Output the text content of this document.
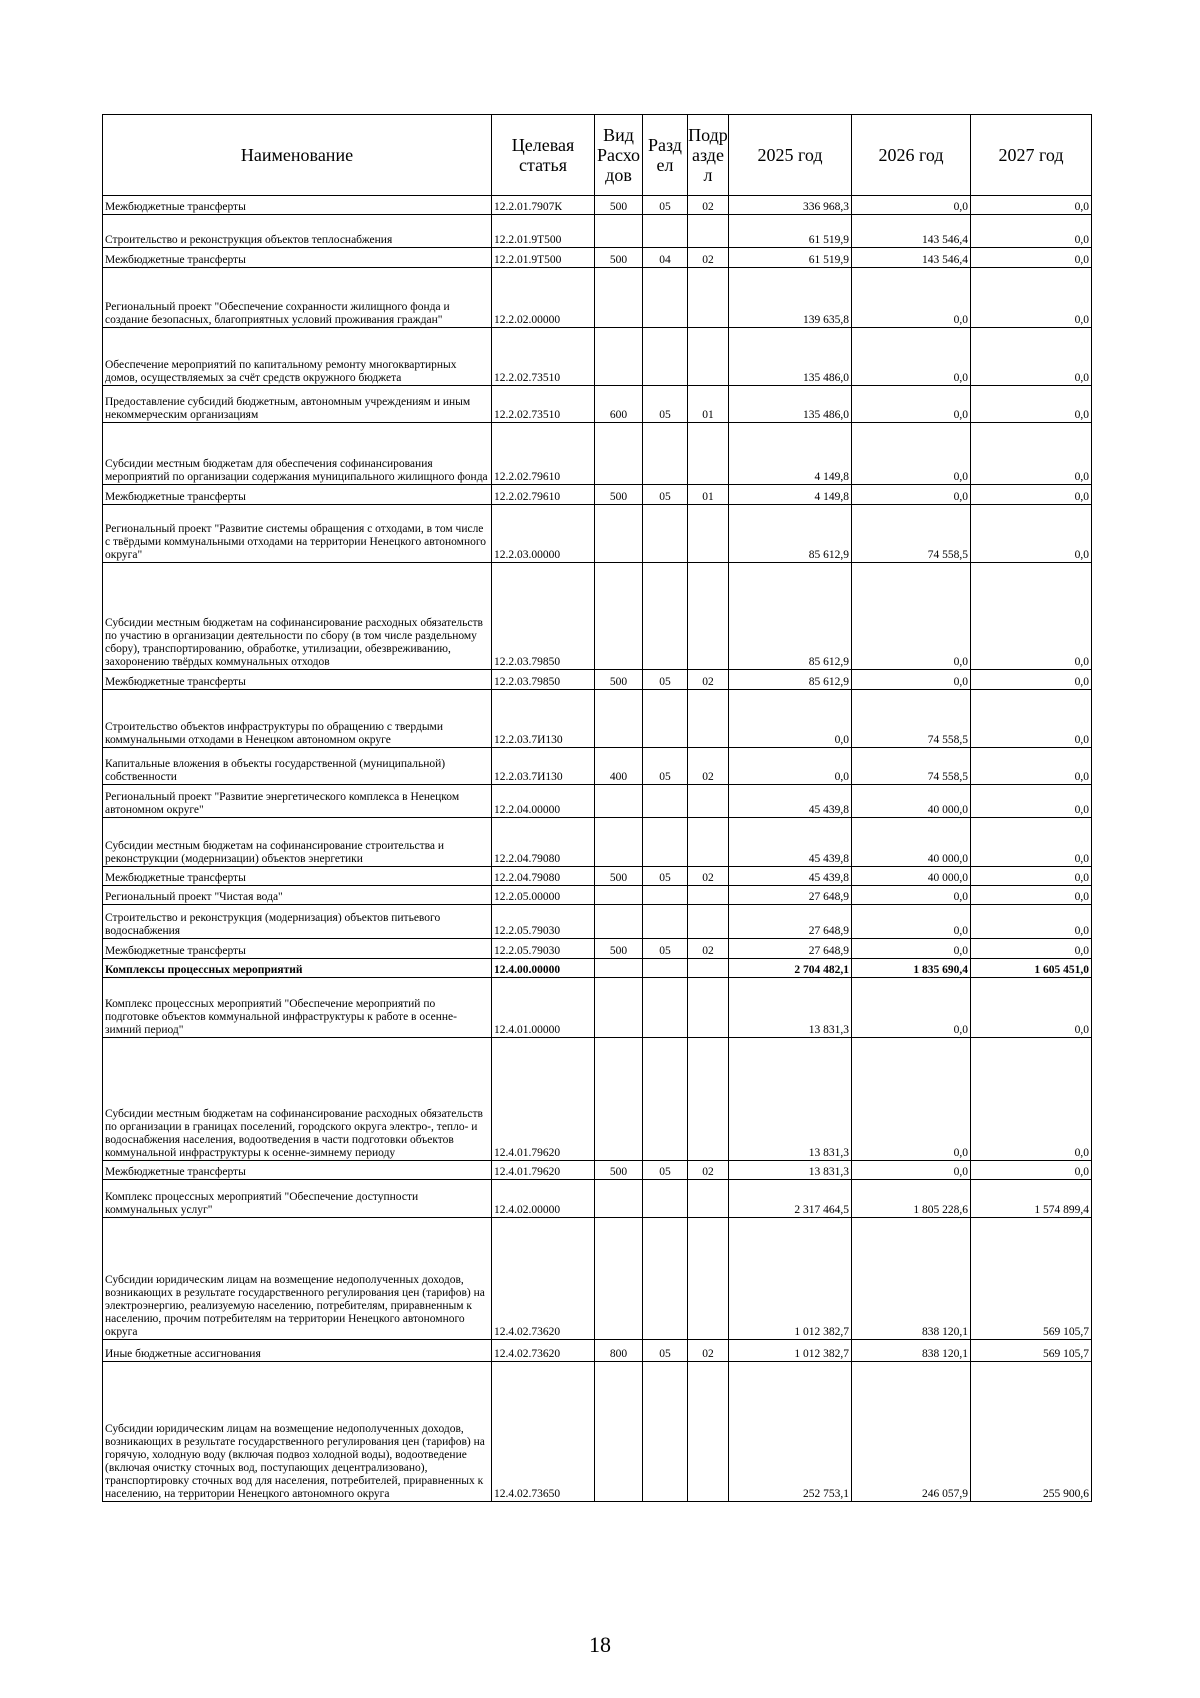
Наименование	Целевая статья	Вид Расхо дов	Разд ел	Подр азде л	2025 год	2026 год	2027 год
Межбюджетные трансферты	12.2.01.7907К	500	05	02	336 968,3	0,0	0,0
Строительство и реконструкция объектов теплоснабжения	12.2.01.9Т500				61 519,9	143 546,4	0,0
Межбюджетные трансферты	12.2.01.9Т500	500	04	02	61 519,9	143 546,4	0,0
Региональный проект "Обеспечение сохранности жилищного фонда и создание безопасных, благоприятных условий проживания граждан"	12.2.02.00000				139 635,8	0,0	0,0
Обеспечение мероприятий по капитальному ремонту многоквартирных домов, осуществляемых за счёт средств окружного бюджета	12.2.02.73510				135 486,0	0,0	0,0
Предоставление субсидий бюджетным, автономным учреждениям и иным некоммерческим организациям	12.2.02.73510	600	05	01	135 486,0	0,0	0,0
Субсидии местным бюджетам для обеспечения софинансирования мероприятий по организации содержания муниципального жилищного фонда	12.2.02.79610				4 149,8	0,0	0,0
Межбюджетные трансферты	12.2.02.79610	500	05	01	4 149,8	0,0	0,0
Региональный проект "Развитие системы обращения с отходами, в том числе с твёрдыми коммунальными отходами на территории Ненецкого автономного округа"	12.2.03.00000				85 612,9	74 558,5	0,0
Субсидии местным бюджетам на софинансирование расходных обязательств по участию в организации деятельности по сбору (в том числе раздельному сбору), транспортированию, обработке, утилизации, обезвреживанию, захоронению твёрдых коммунальных отходов	12.2.03.79850				85 612,9	0,0	0,0
Межбюджетные трансферты	12.2.03.79850	500	05	02	85 612,9	0,0	0,0
Строительство объектов инфраструктуры по обращению с твердыми коммунальными отходами в Ненецком автономном округе	12.2.03.7И130				0,0	74 558,5	0,0
Капитальные вложения в объекты государственной (муниципальной) собственности	12.2.03.7И130	400	05	02	0,0	74 558,5	0,0
Региональный проект "Развитие энергетического комплекса в Ненецком автономном округе"	12.2.04.00000				45 439,8	40 000,0	0,0
Субсидии местным бюджетам на софинансирование строительства и реконструкции (модернизации) объектов энергетики	12.2.04.79080				45 439,8	40 000,0	0,0
Межбюджетные трансферты	12.2.04.79080	500	05	02	45 439,8	40 000,0	0,0
Региональный проект "Чистая вода"	12.2.05.00000				27 648,9	0,0	0,0
Строительство и реконструкция (модернизация) объектов питьевого водоснабжения	12.2.05.79030				27 648,9	0,0	0,0
Межбюджетные трансферты	12.2.05.79030	500	05	02	27 648,9	0,0	0,0
Комплексы процессных мероприятий	12.4.00.00000				2 704 482,1	1 835 690,4	1 605 451,0
Комплекс процессных мероприятий "Обеспечение мероприятий по подготовке объектов коммунальной инфраструктуры к работе в осенне-зимний период"	12.4.01.00000				13 831,3	0,0	0,0
Субсидии местным бюджетам на софинансирование расходных обязательств по организации в границах поселений, городского округа электро-, тепло- и водоснабжения населения, водоотведения в части подготовки объектов коммунальной инфраструктуры к осенне-зимнему периоду	12.4.01.79620				13 831,3	0,0	0,0
Межбюджетные трансферты	12.4.01.79620	500	05	02	13 831,3	0,0	0,0
Комплекс процессных мероприятий "Обеспечение доступности коммунальных услуг"	12.4.02.00000				2 317 464,5	1 805 228,6	1 574 899,4
Субсидии юридическим лицам на возмещение недополученных доходов, возникающих в результате государственного регулирования цен (тарифов) на электроэнергию, реализуемую населению, потребителям, приравненным к населению, прочим потребителям на территории Ненецкого автономного округа	12.4.02.73620				1 012 382,7	838 120,1	569 105,7
Иные бюджетные ассигнования	12.4.02.73620	800	05	02	1 012 382,7	838 120,1	569 105,7
Субсидии юридическим лицам на возмещение недополученных доходов, возникающих в результате государственного регулирования цен (тарифов) на горячую, холодную воду (включая подвоз холодной воды), водоотведение (включая очистку сточных вод, поступающих децентрализовано), транспортировку сточных вод для населения, потребителей, приравненных к населению, на территории Ненецкого автономного округа	12.4.02.73650				252 753,1	246 057,9	255 900,6
18
